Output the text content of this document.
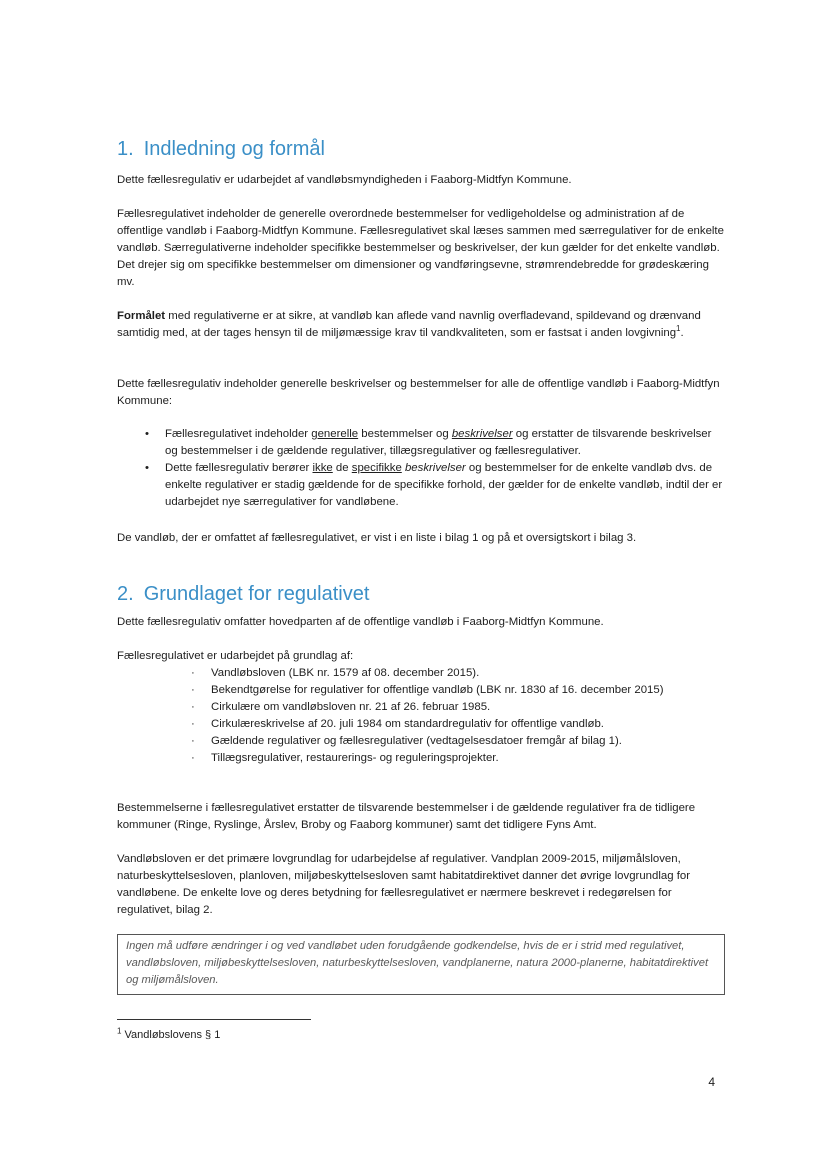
1. Indledning og formål

Dette fællesregulativ er udarbejdet af vandløbsmyndigheden i Faaborg-Midtfyn Kommune.

Fællesregulativet indeholder de generelle overordnede bestemmelser for vedligeholdelse og administration af de offentlige vandløb i Faaborg-Midtfyn Kommune. Fællesregulativet skal læses sammen med særregulativer for de enkelte vandløb. Særregulativerne indeholder specifikke bestemmelser og beskrivelser, der kun gælder for det enkelte vandløb. Det drejer sig om specifikke bestemmelser om dimensioner og vandføringsevne, strømrendebredde for grødeskæring mv.

Formålet med regulativerne er at sikre, at vandløb kan aflede vand navnlig overfladevand, spildevand og drænvand samtidig med, at der tages hensyn til de miljømæssige krav til vandkvaliteten, som er fastsat i anden lovgivning$^1$.

Dette fællesregulativ indeholder generelle beskrivelser og bestemmelser for alle de offentlige vandløb i Faaborg-Midtfyn Kommune:

• Fællesregulativet indeholder generelle bestemmelser og beskrivelser og erstatter de tilsvarende beskrivelser og bestemmelser i de gældende regulativer, tillægsregulativer og fællesregulativer.
• Dette fællesregulativ berører ikke de specifikke beskrivelser og bestemmelser for de enkelte vandløb dvs. de enkelte regulativer er stadig gældende for de specifikke forhold, der gælder for de enkelte vandløb, indtil der er udarbejdet nye særregulativer for vandløbene.

De vandløb, der er omfattet af fællesregulativet, er vist i en liste i bilag 1 og på et oversigtskort i bilag 3.

2. Grundlaget for regulativet

Dette fællesregulativ omfatter hovedparten af de offentlige vandløb i Faaborg-Midtfyn Kommune.

Fællesregulativet er udarbejdet på grundlag af:

· Vandløbsloven (LBK nr. 1579 af 08. december 2015).
· Bekendtgørelse for regulativer for offentlige vandløb (LBK nr. 1830 af 16. december 2015)
· Cirkulære om vandløbsloven nr. 21 af 26. februar 1985.
· Cirkulæreskrivelse af 20. juli 1984 om standardregulativ for offentlige vandløb.
· Gældende regulativer og fællesregulativer (vedtagelsesdatoer fremgår af bilag 1).
· Tillægsregulativer, restaurerings- og reguleringsprojekter.

Bestemmelserne i fællesregulativet erstatter de tilsvarende bestemmelser i de gældende regulativer fra de tidligere kommuner (Ringe, Ryslinge, Årslev, Broby og Faaborg kommuner) samt det tidligere Fyns Amt.

Vandløbsloven er det primære lovgrundlag for udarbejdelse af regulativer. Vandplan 2009-2015, miljømålsloven, naturbeskyttelsesloven, planloven, miljøbeskyttelsesloven samt habitatdirektivet danner det øvrige lovgrundlag for vandløbene. De enkelte love og deres betydning for fællesregulativet er nærmere beskrevet i redegørelsen for regulativet, bilag 2.

Ingen må udføre ændringer i og ved vandløbet uden forudgående godkendelse, hvis de er i strid med regulativet, vandløbsloven, miljøbeskyttelsesloven, naturbeskyttelsesloven, vandplanerne, natura 2000-planerne, habitatdirektivet og miljømålsloven.

$^1$ Vandløbslovens § 1

4
